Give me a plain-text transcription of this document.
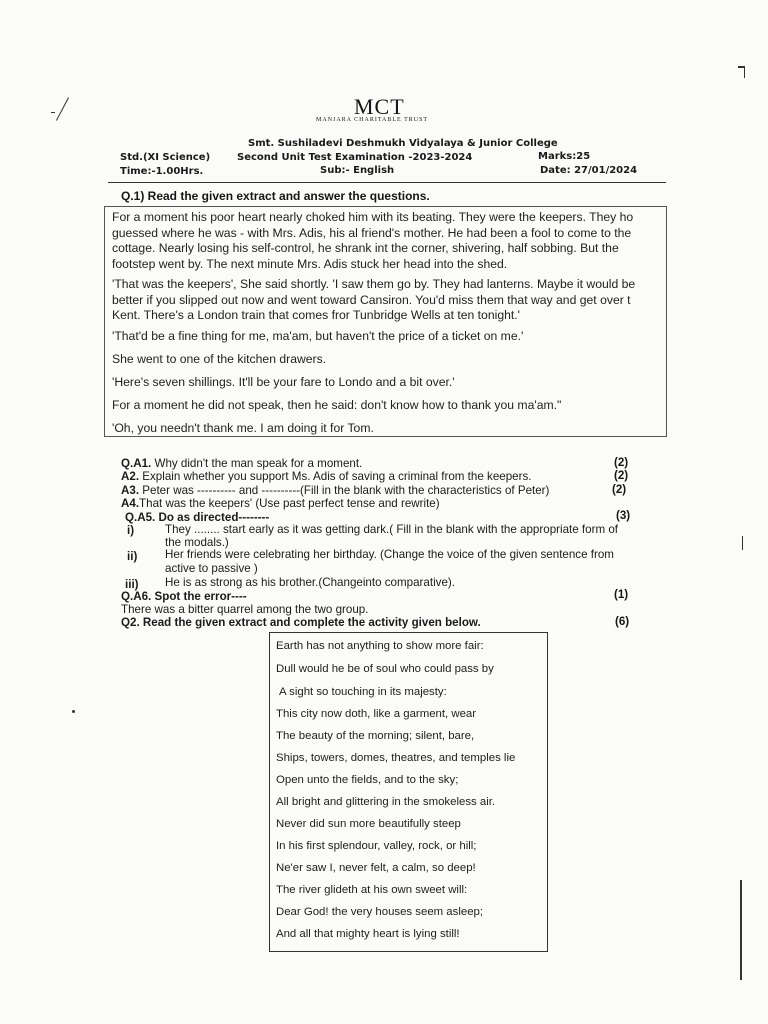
MANJARA CHARITABLE TRUST
MCT
Smt. Sushiladevi Deshmukh Vidyalaya & Junior College
Std.(XI Science)	Second Unit Test Examination -2023-2024	Marks:25
Time:-1.00Hrs.	Sub:- English	Date: 27/01/2024
Q.1) Read the given extract and answer the questions.
For a moment his poor heart nearly choked him with its beating. They were the keepers. They ho guessed where he was - with Mrs. Adis, his al friend's mother. He had been a fool to come to the cottage. Nearly losing his self-control, he shrank int the corner, shivering, half sobbing. But the footstep went by. The next minute Mrs. Adis stuck her head into the shed.
'That was the keepers', She said shortly. 'I saw them go by. They had lanterns. Maybe it would be better if you slipped out now and went toward Cansiron. You'd miss them that way and get over t Kent. There's a London train that comes fror Tunbridge Wells at ten tonight.'
'That'd be a fine thing for me, ma'am, but haven't the price of a ticket on me.'
She went to one of the kitchen drawers.
'Here's seven shillings. It'll be your fare to Londo and a bit over.'
For a moment he did not speak, then he said: don't know how to thank you ma'am."
'Oh, you needn't thank me. I am doing it for Tom.
Q.A1. Why didn't the man speak for a moment.	(2)
A2. Explain whether you support Ms. Adis of saving a criminal from the keepers.	(2)
A3. Peter was ---------- and ----------(Fill in the blank with the characteristics of Peter)	(2)
A4.That was the keepers' (Use past perfect tense and rewrite)
Q.A5. Do as directed--------	(3)
i)	They ........ start early as it was getting dark.( Fill in the blank with the appropriate form of
the modals.)
ii) Her friends were celebrating her birthday. (Change the voice of the given sentence from
active to passive )
iii) He is as strong as his brother.(Changeinto comparative).
Q.A6. Spot the error----	(1)
There was a bitter quarrel among the two group.
Q2. Read the given extract and complete the activity given below.	(6)
Earth has not anything to show more fair:
Dull would he be of soul who could pass by
A sight so touching in its majesty:
This city now doth, like a garment, wear
The beauty of the morning; silent, bare,
Ships, towers, domes, theatres, and temples lie
Open unto the fields, and to the sky;
All bright and glittering in the smokeless air.
Never did sun more beautifully steep
In his first splendour, valley, rock, or hill;
Ne'er saw I, never felt, a calm, so deep!
The river glideth at his own sweet will:
Dear God! the very houses seem asleep;
And all that mighty heart is lying still!
